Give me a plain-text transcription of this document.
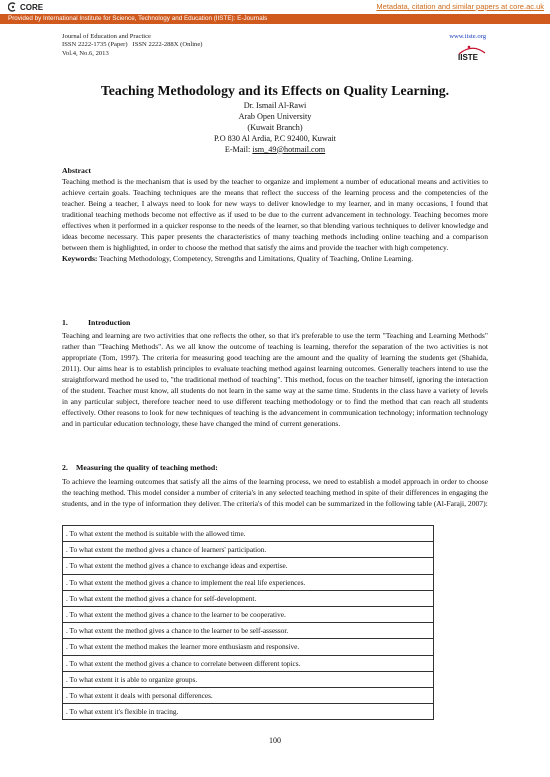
CORE	Metadata, citation and similar papers at core.ac.uk
Provided by International Institute for Science, Technology and Education (IISTE): E-Journals
Journal of Education and Practice
ISSN 2222-1735 (Paper)   ISSN 2222-288X (Online)
Vol.4, No.6, 2013
www.iiste.org
IISTE
Teaching Methodology and its Effects on Quality Learning.
Dr. Ismail Al-Rawi
Arab Open University
(Kuwait Branch)
P.O 830 Al Ardia, P.C 92400, Kuwait
E-Mail: ism_49@hotmail.com
Abstract
Teaching method is the mechanism that is used by the teacher to organize and implement a number of educational means and activities to achieve certain goals. Teaching techniques are the means that reflect the success of the learning process and the competencies of the teacher. Being a teacher, I always need to look for new ways to deliver knowledge to my learner, and in many occasions, I found that traditional teaching methods become not effective as if used to be due to the current advancement in technology. Teaching becomes more effectives when it performed in a quicker response to the needs of the learner, so that blending various techniques to deliver knowledge and ideas become necessary. This paper presents the characteristics of many teaching methods including online teaching and a comparison between them is highlighted, in order to choose the method that satisfy the aims and provide the teacher with high competency.
Keywords: Teaching Methodology, Competency, Strengths and Limitations, Quality of Teaching, Online Learning.
1.	Introduction
Teaching and learning are two activities that one reflects the other, so that it's preferable to use the term "Teaching and Learning Methods" rather than "Teaching Methods". As we all know the outcome of teaching is learning, therefor the separation of the two activities is not appropriate (Tom, 1997). The criteria for measuring good teaching are the amount and the quality of learning the students get (Shahida, 2011). Our aims hear is to establish principles to evaluate teaching method against learning outcomes. Generally teachers intend to use the straightforward method he used to, "the traditional method of teaching". This method, focus on the teacher himself, ignoring the interaction of the student. Teacher must know, all students do not learn in the same way at the same time. Students in the class have a variety of levels in any particular subject, therefore teacher need to use different teaching methodology or to find the method that can reach all students effectively. Other reasons to look for new techniques of teaching is the advancement in communication technology; information technology and in particular education technology, these have changed the mind of current generations.
2. Measuring the quality of teaching method:
To achieve the learning outcomes that satisfy all the aims of the learning process, we need to establish a model approach in order to choose the teaching method. This model consider a number of criteria's in any selected teaching method in spite of their differences in engaging the students, and in the type of information they deliver. The criteria's of this model can be summarized in the following table (Al-Faraji, 2007):
. To what extent the method is suitable with the allowed time.
. To what extent the method gives a chance of learners' participation.
. To what extent the method gives a chance to exchange ideas and expertise.
. To what extent the method gives a chance to implement the real life experiences.
. To what extent the method gives a chance for self-development.
. To what extent the method gives a chance to the learner to be cooperative.
. To what extent the method gives a chance to the learner to be self-assessor.
. To what extent the method makes the learner more enthusiasm and responsive.
. To what extent the method gives a chance to correlate between different topics.
. To what extent it is able to organize groups.
. To what extent it deals with personal differences.
. To what extent it's flexible in tracing.
100
